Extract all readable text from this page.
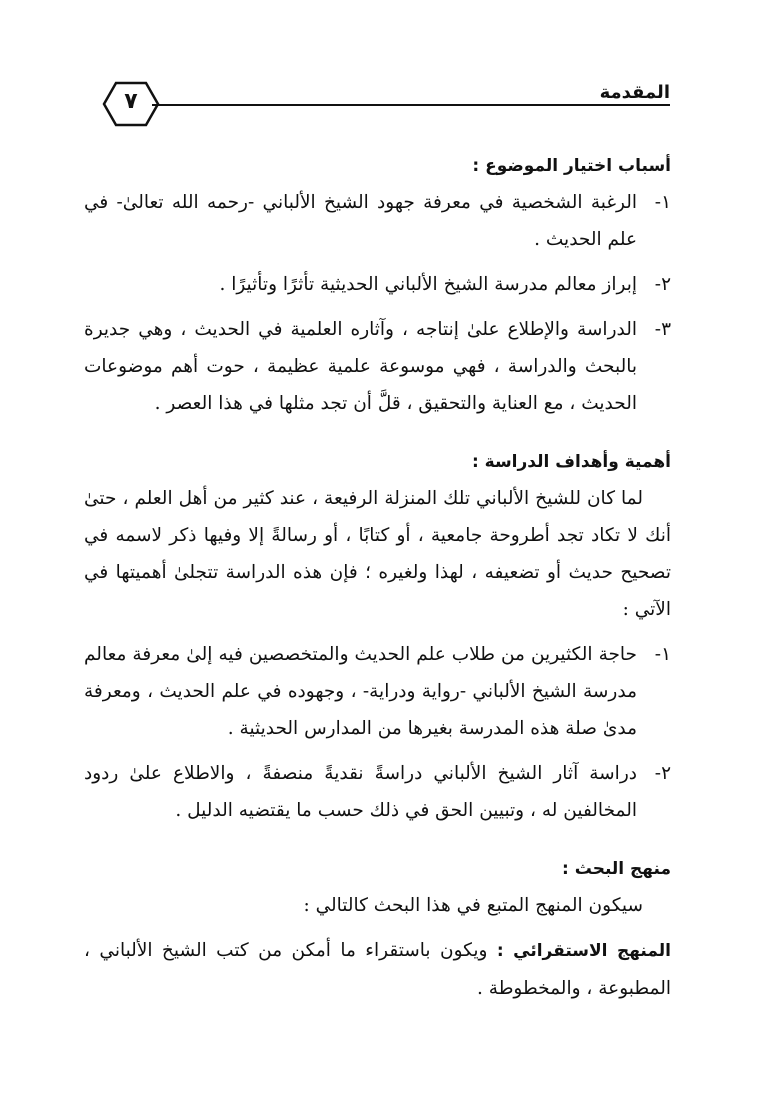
المقدمة
٧
أسباب اختيار الموضوع :
١-
الرغبة الشخصية في معرفة جهود الشيخ الألباني -رحمه الله تعالىٰ- في علم الحديث .
٢-
إبراز معالم مدرسة الشيخ الألباني الحديثية تأثرًا وتأثيرًا .
٣-
الدراسة والإطلاع علىٰ إنتاجه ، وآثاره العلمية في الحديث ، وهي جديرة بالبحث والدراسة ، فهي موسوعة علمية عظيمة ، حوت أهم موضوعات الحديث ، مع العناية والتحقيق ، قلَّ أن تجد مثلها في هذا العصر .
أهمية وأهداف الدراسة :
لما كان للشيخ الألباني تلك المنزلة الرفيعة ، عند كثير من أهل العلم ، حتىٰ أنك لا تكاد تجد أطروحة جامعية ، أو كتابًا ، أو رسالةً إلا وفيها ذكر لاسمه في تصحيح حديث أو تضعيفه ، لهذا ولغيره ؛ فإن هذه الدراسة تتجلىٰ أهميتها في الآتي :
١-
حاجة الكثيرين من طلاب علم الحديث والمتخصصين فيه إلىٰ معرفة معالم مدرسة الشيخ الألباني -رواية ودراية- ، وجهوده في علم الحديث ، ومعرفة مدىٰ صلة هذه المدرسة بغيرها من المدارس الحديثية .
٢-
دراسة آثار الشيخ الألباني دراسةً نقديةً منصفةً ، والاطلاع علىٰ ردود المخالفين له ، وتبيين الحق في ذلك حسب ما يقتضيه الدليل .
منهج البحث :
سيكون المنهج المتبع في هذا البحث كالتالي :
المنهج الاستقرائي : ويكون باستقراء ما أمكن من كتب الشيخ الألباني ، المطبوعة ، والمخطوطة .
